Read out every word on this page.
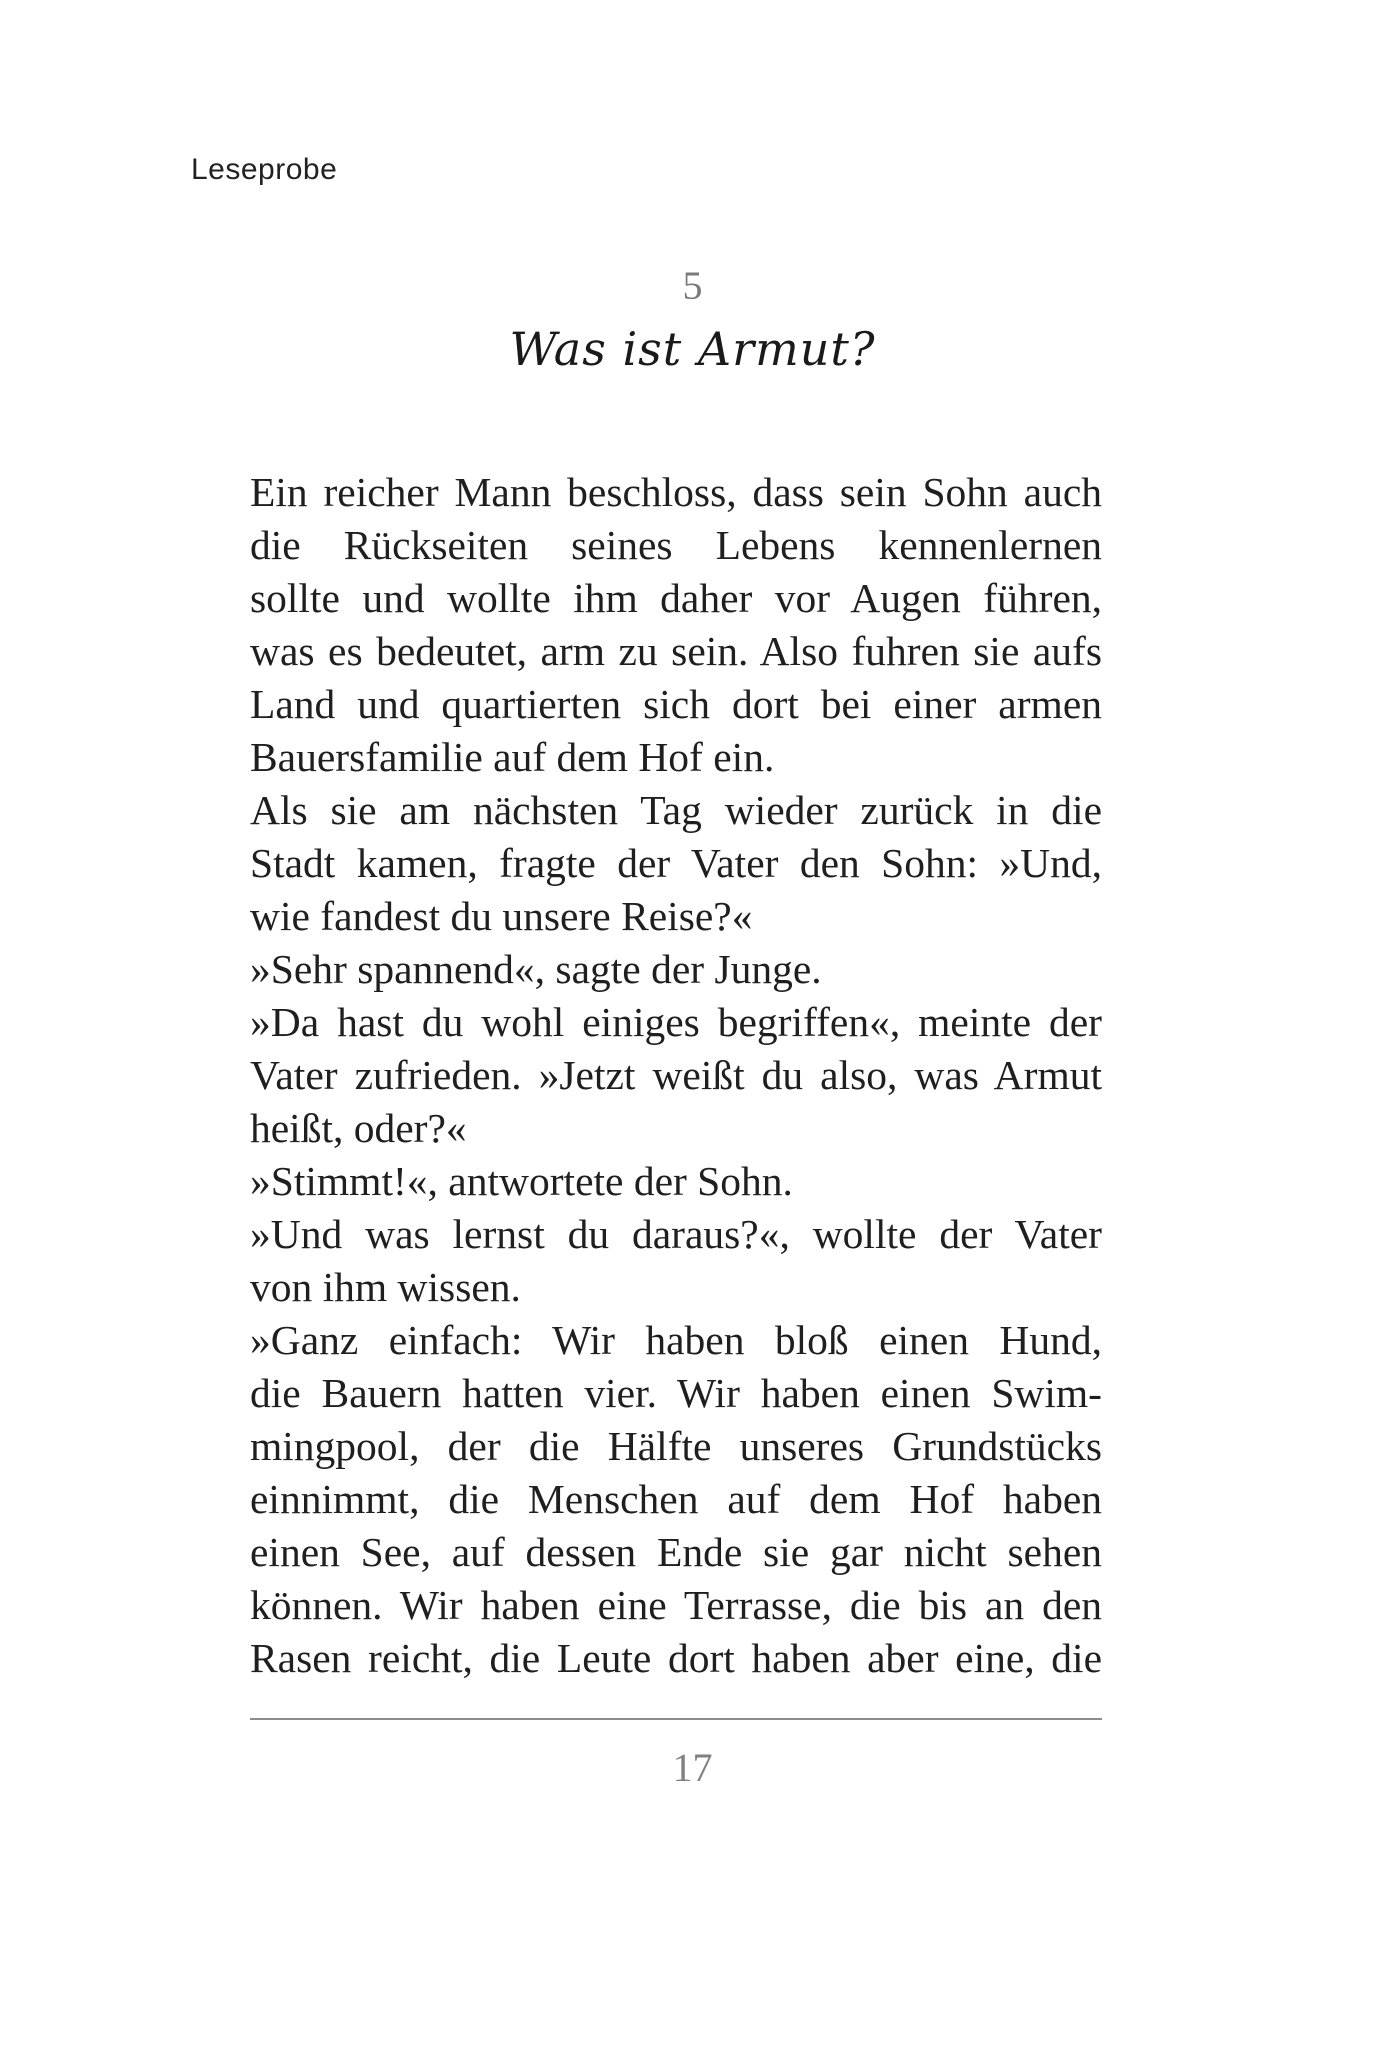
Leseprobe
5
Was ist Armut?
Ein reicher Mann beschloss, dass sein Sohn auch
die Rückseiten seines Lebens kennenlernen
sollte und wollte ihm daher vor Augen führen,
was es bedeutet, arm zu sein. Also fuhren sie aufs
Land und quartierten sich dort bei einer armen
Bauersfamilie auf dem Hof ein.
Als sie am nächsten Tag wieder zurück in die
Stadt kamen, fragte der Vater den Sohn: »Und,
wie fandest du unsere Reise?«
»Sehr spannend«, sagte der Junge.
»Da hast du wohl einiges begriffen«, meinte der
Vater zufrieden. »Jetzt weißt du also, was Armut
heißt, oder?«
»Stimmt!«, antwortete der Sohn.
»Und was lernst du daraus?«, wollte der Vater
von ihm wissen.
»Ganz einfach: Wir haben bloß einen Hund,
die Bauern hatten vier. Wir haben einen Swim-
mingpool, der die Hälfte unseres Grundstücks
einnimmt, die Menschen auf dem Hof haben
einen See, auf dessen Ende sie gar nicht sehen
können. Wir haben eine Terrasse, die bis an den
Rasen reicht, die Leute dort haben aber eine, die
17
